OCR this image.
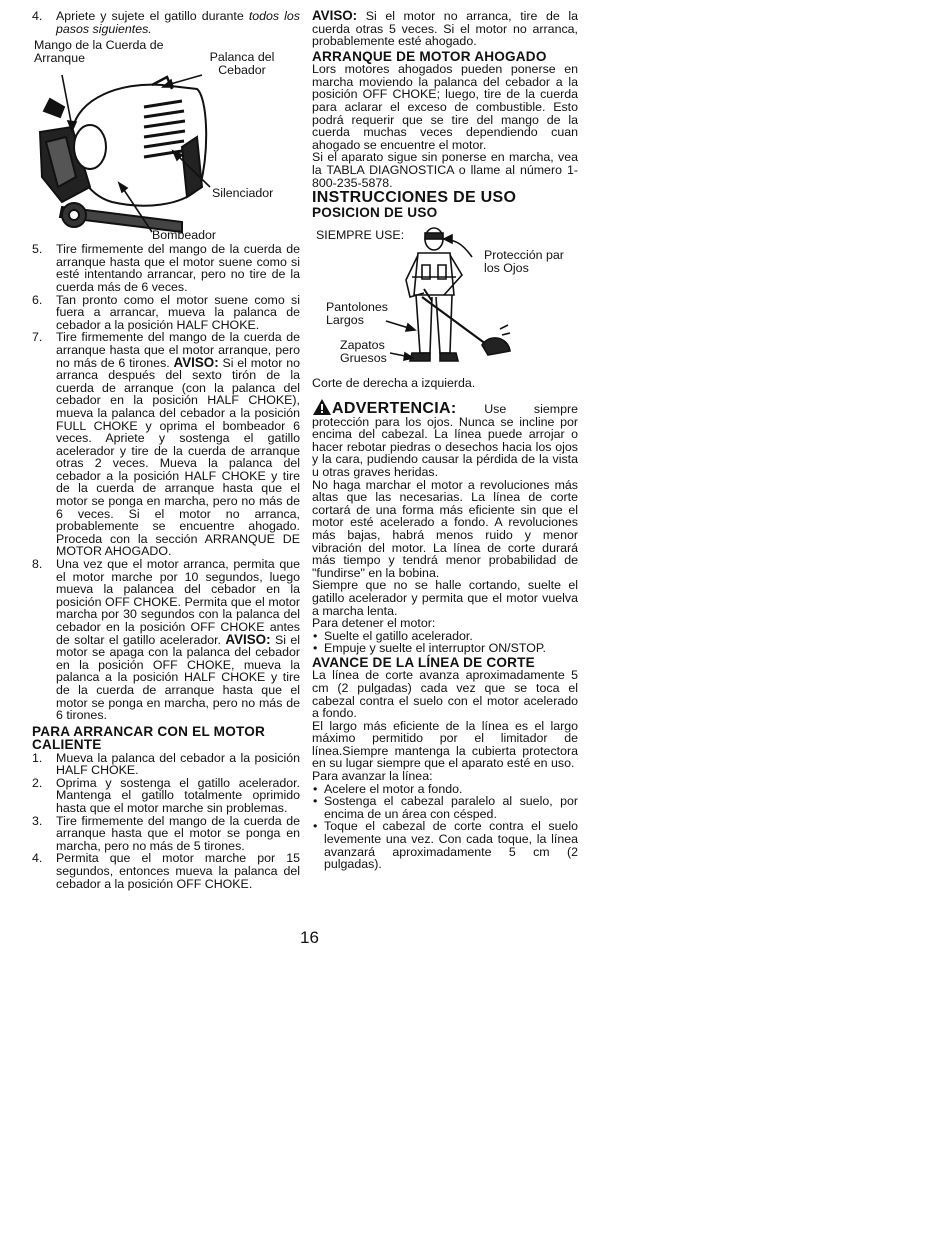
4. Apriete y sujete el gatillo durante todos los pasos siguientes.
Mango de la Cuerda de Arranque	Palanca del Cebador
Silenciador
Bombeador
5. Tire firmemente del mango de la cuerda de arranque hasta que el motor suene como si esté intentando arrancar, pero no tire de la cuerda más de 6 veces.
6. Tan pronto como el motor suene como si fuera a arrancar, mueva la palanca de cebador a la posición HALF CHOKE.
7. Tire firmemente del mango de la cuerda de arranque hasta que el motor arranque, pero no más de 6 tirones. AVISO: Si el motor no arranca después del sexto tirón de la cuerda de arranque (con la palanca del cebador en la posición HALF CHOKE), mueva la palanca del cebador a la posición FULL CHOKE y oprima el bombeador 6 veces. Apriete y sostenga el gatillo acelerador y tire de la cuerda de arranque otras 2 veces. Mueva la palanca del cebador a la posición HALF CHOKE y tire de la cuerda de arranque hasta que el motor se ponga en marcha, pero no más de 6 veces. Si el motor no arranca, probablemente se encuentre ahogado. Proceda con la sección ARRANQUE DE MOTOR AHOGADO.
8. Una vez que el motor arranca, permita que el motor marche por 10 segundos, luego mueva la palancea del cebador en la posición OFF CHOKE. Permita que el motor marcha por 30 segundos con la palanca del cebador en la posición OFF CHOKE antes de soltar el gatillo acelerador. AVISO: Si el motor se apaga con la palanca del cebador en la posición OFF CHOKE, mueva la palanca a la posición HALF CHOKE y tire de la cuerda de arranque hasta que el motor se ponga en marcha, pero no más de 6 tirones.
PARA ARRANCAR CON EL MOTOR CALIENTE
1. Mueva la palanca del cebador a la posición HALF CHOKE.
2. Oprima y sostenga el gatillo acelerador. Mantenga el gatillo totalmente oprimido hasta que el motor marche sin problemas.
3. Tire firmemente del mango de la cuerda de arranque hasta que el motor se ponga en marcha, pero no más de 5 tirones.
4. Permita que el motor marche por 15 segundos, entonces mueva la palanca del cebador a la posición OFF CHOKE.

AVISO: Si el motor no arranca, tire de la cuerda otras 5 veces. Si el motor no arranca, probablemente esté ahogado.

ARRANQUE DE MOTOR AHOGADO

Lors motores ahogados pueden ponerse en marcha moviendo la palanca del cebador a la posición OFF CHOKE; luego, tire de la cuerda para aclarar el exceso de combustible. Esto podrá requerir que se tire del mango de la cuerda muchas veces dependiendo cuan ahogado se encuentre el motor.

Si el aparato sigue sin ponerse en marcha, vea la TABLA DIAGNOSTICA o llame al número 1-800-235-5878.

INSTRUCCIONES DE USO
POSICION DE USO
SIEMPRE USE:
Protección par los Ojos
Pantolones Largos
Zapatos Gruesos

Corte de derecha a izquierda.

ADVERTENCIA: Use siempre protección para los ojos. Nunca se incline por encima del cabezal. La línea puede arrojar o hacer rebotar piedras o desechos hacia los ojos y la cara, pudiendo causar la pérdida de la vista u otras graves heridas.

No haga marchar el motor a revoluciones más altas que las necesarias. La línea de corte cortará de una forma más eficiente sin que el motor esté acelerado a fondo. A revoluciones más bajas, habrá menos ruido y menor vibración del motor. La línea de corte durará más tiempo y tendrá menor probabilidad de "fundirse" en la bobina.

Siempre que no se halle cortando, suelte el gatillo acelerador y permita que el motor vuelva a marcha lenta.

Para detener el motor:

• Suelte el gatillo acelerador.
• Empuje y suelte el interruptor ON/STOP.
AVANCE DE LA LÍNEA DE CORTE

La línea de corte avanza aproximadamente 5 cm (2 pulgadas) cada vez que se toca el cabezal contra el suelo con el motor acelerado a fondo.

El largo más eficiente de la línea es el largo máximo permitido por el limitador de línea.Siempre mantenga la cubierta protectora en su lugar siempre que el aparato esté en uso.

Para avanzar la línea:

• Acelere el motor a fondo.
• Sostenga el cabezal paralelo al suelo, por encima de un área con césped.
• Toque el cabezal de corte contra el suelo levemente una vez. Con cada toque, la línea avanzará aproximadamente 5 cm (2 pulgadas).
16
